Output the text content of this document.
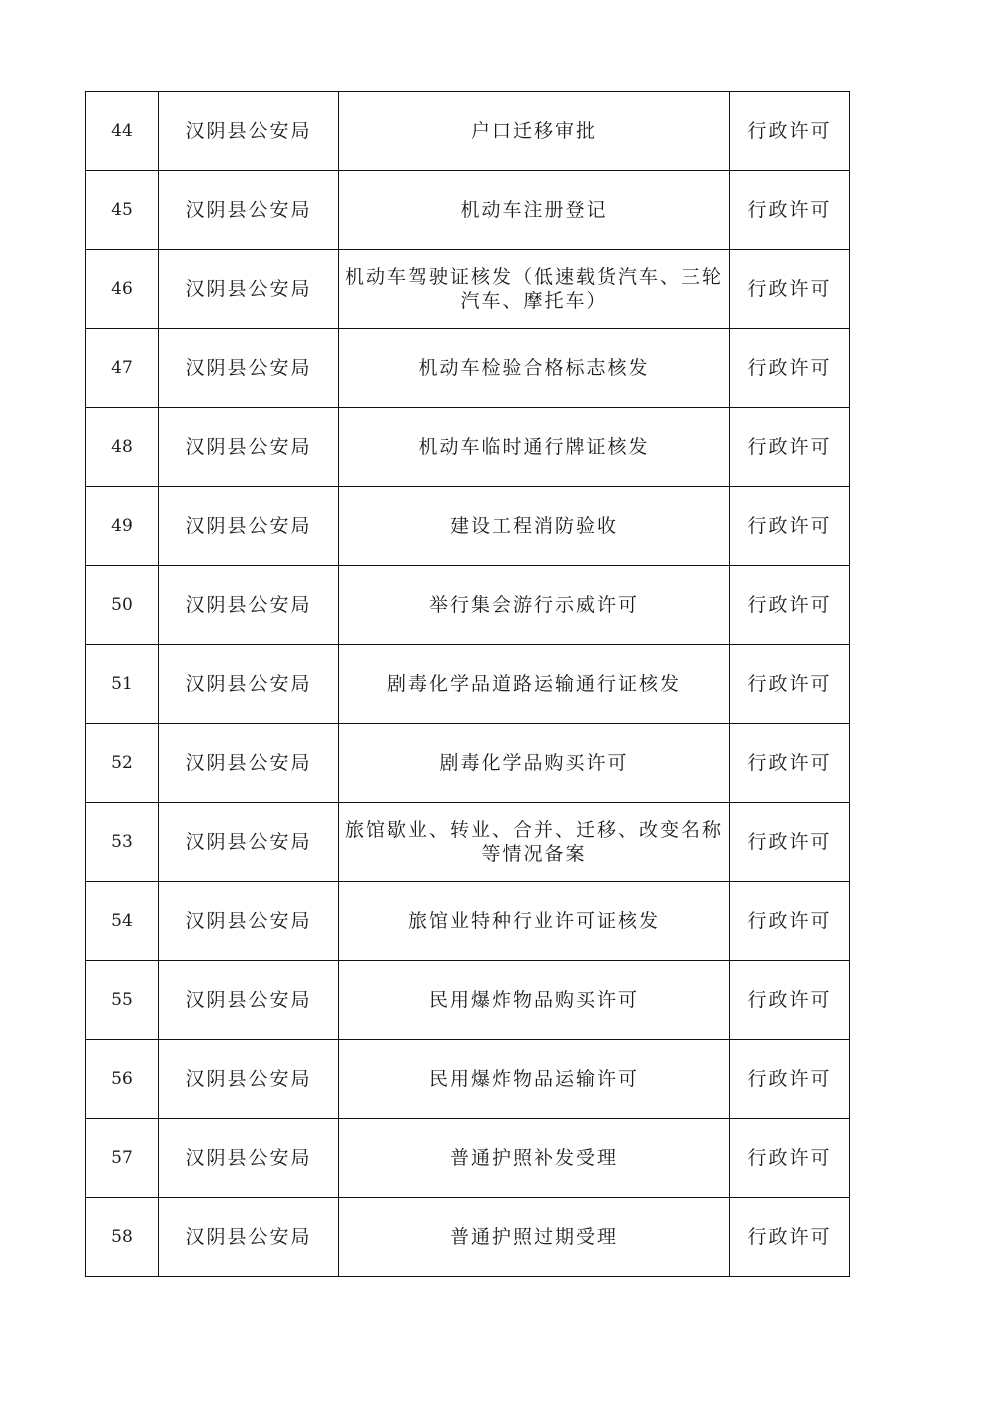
44	汉阴县公安局	户口迁移审批	行政许可
45	汉阴县公安局	机动车注册登记	行政许可
46	汉阴县公安局	机动车驾驶证核发（低速载货汽车、三轮汽车、摩托车）	行政许可
47	汉阴县公安局	机动车检验合格标志核发	行政许可
48	汉阴县公安局	机动车临时通行牌证核发	行政许可
49	汉阴县公安局	建设工程消防验收	行政许可
50	汉阴县公安局	举行集会游行示威许可	行政许可
51	汉阴县公安局	剧毒化学品道路运输通行证核发	行政许可
52	汉阴县公安局	剧毒化学品购买许可	行政许可
53	汉阴县公安局	旅馆歇业、转业、合并、迁移、改变名称等情况备案	行政许可
54	汉阴县公安局	旅馆业特种行业许可证核发	行政许可
55	汉阴县公安局	民用爆炸物品购买许可	行政许可
56	汉阴县公安局	民用爆炸物品运输许可	行政许可
57	汉阴县公安局	普通护照补发受理	行政许可
58	汉阴县公安局	普通护照过期受理	行政许可
